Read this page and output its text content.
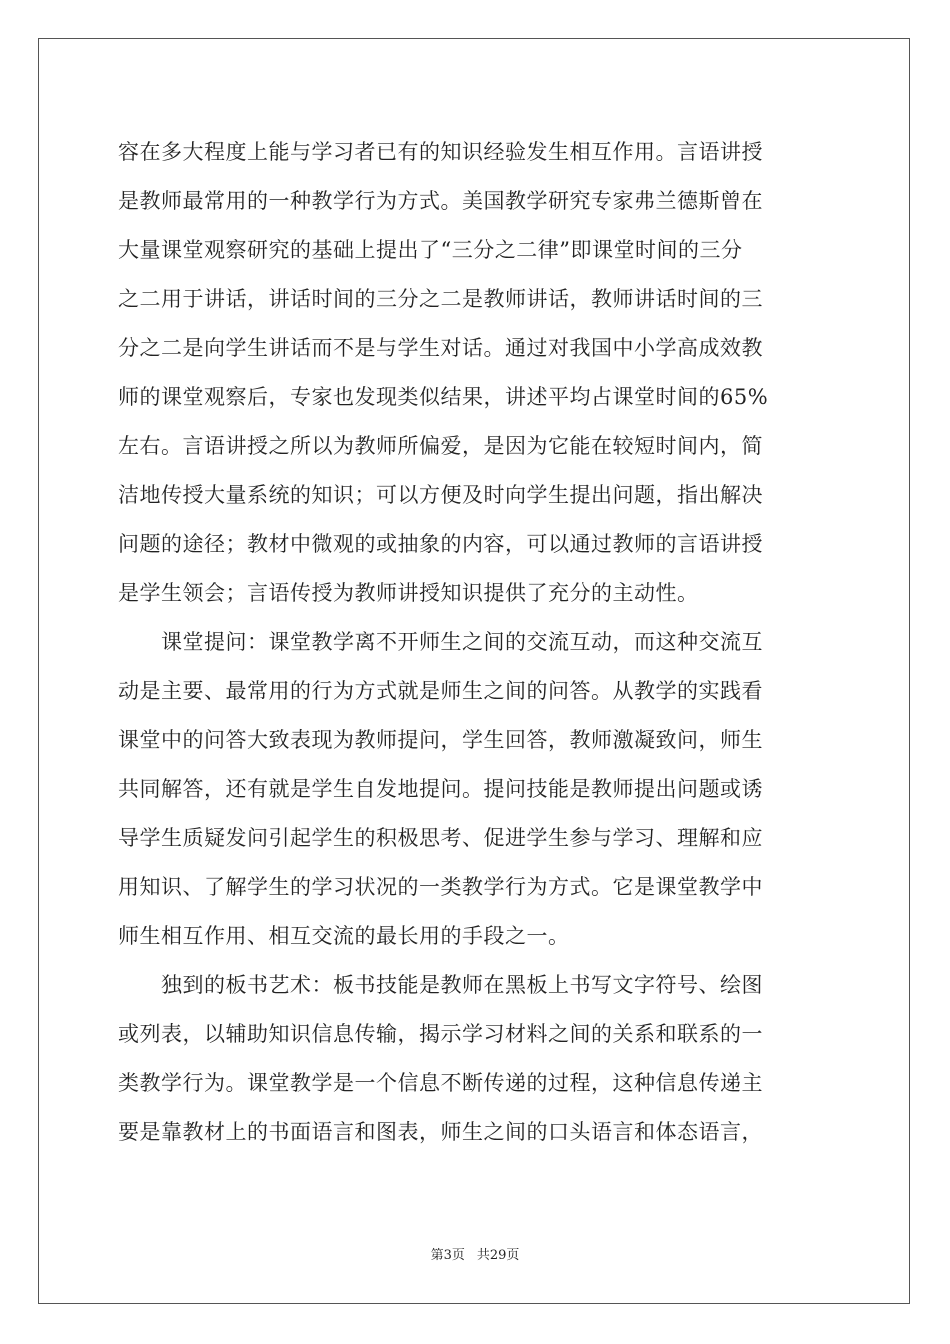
容在多大程度上能与学习者已有的知识经验发生相互作用。言语讲授
是教师最常用的一种教学行为方式。美国教学研究专家弗兰德斯曾在
大量课堂观察研究的基础上提出了“三分之二律”即课堂时间的三分
之二用于讲话，讲话时间的三分之二是教师讲话，教师讲话时间的三
分之二是向学生讲话而不是与学生对话。通过对我国中小学高成效教
师的课堂观察后，专家也发现类似结果，讲述平均占课堂时间的65%
左右。言语讲授之所以为教师所偏爱，是因为它能在较短时间内，简
洁地传授大量系统的知识；可以方便及时向学生提出问题，指出解决
问题的途径；教材中微观的或抽象的内容，可以通过教师的言语讲授
是学生领会；言语传授为教师讲授知识提供了充分的主动性。
　　课堂提问：课堂教学离不开师生之间的交流互动，而这种交流互
动是主要、最常用的行为方式就是师生之间的问答。从教学的实践看
课堂中的问答大致表现为教师提问，学生回答，教师激凝致问，师生
共同解答，还有就是学生自发地提问。提问技能是教师提出问题或诱
导学生质疑发问引起学生的积极思考、促进学生参与学习、理解和应
用知识、了解学生的学习状况的一类教学行为方式。它是课堂教学中
师生相互作用、相互交流的最长用的手段之一。
　　独到的板书艺术：板书技能是教师在黑板上书写文字符号、绘图
或列表，以辅助知识信息传输，揭示学习材料之间的关系和联系的一
类教学行为。课堂教学是一个信息不断传递的过程，这种信息传递主
要是靠教材上的书面语言和图表，师生之间的口头语言和体态语言，
第3页 共29页
